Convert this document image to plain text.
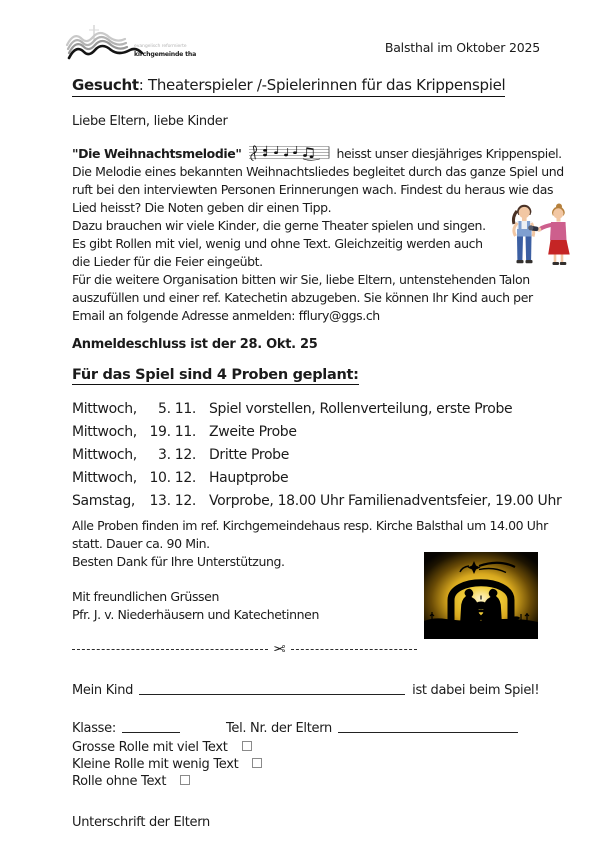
evangelisch reformierte
kirchgemeinde thal	Balsthal im Oktober 2025
Gesucht: Theaterspieler /-Spielerinnen für das Krippenspiel
Liebe Eltern, liebe Kinder

"Die Weihnachtsmelodie"	heisst unser diesjähriges Krippenspiel. Die Melodie eines bekannten Weihnachtsliedes begleitet durch das ganze Spiel und ruft bei den interviewten Personen Erinnerungen wach. Findest du heraus wie das Lied heisst? Die Noten geben dir einen Tipp.

Dazu brauchen wir viele Kinder, die gerne Theater spielen und singen. Es gibt Rollen mit viel, wenig und ohne Text. Gleichzeitig werden auch die Lieder für die Feier eingeübt.

Für die weitere Organisation bitten wir Sie, liebe Eltern, untenstehenden Talon auszufüllen und einer ref. Katechetin abzugeben. Sie können Ihr Kind auch per Email an folgende Adresse anmelden: fflury@ggs.ch

Anmeldeschluss ist der 28. Okt. 25
Für das Spiel sind 4 Proben geplant:
Mittwoch,	5. 11. Spiel vorstellen, Rollenverteilung, erste Probe
Mittwoch, 19. 11. Zweite Probe
Mittwoch,	3. 12. Dritte Probe
Mittwoch, 10. 12. Hauptprobe
Samstag,	13. 12. Vorprobe, 18.00 Uhr Familienadventsfeier, 19.00 Uhr
Alle Proben finden im ref. Kirchgemeindehaus resp. Kirche Balsthal um 14.00 Uhr statt. Dauer ca. 90 Min.
Besten Dank für Ihre Unterstützung.
Mit freundlichen Grüssen
Pfr. J. v. Niederhäusern und Katechetinnen
✂
Mein Kind	ist dabei beim Spiel!
Klasse:	Tel. Nr. der Eltern
Grosse Rolle mit viel Text
Kleine Rolle mit wenig Text
Rolle ohne Text
Unterschrift der Eltern
